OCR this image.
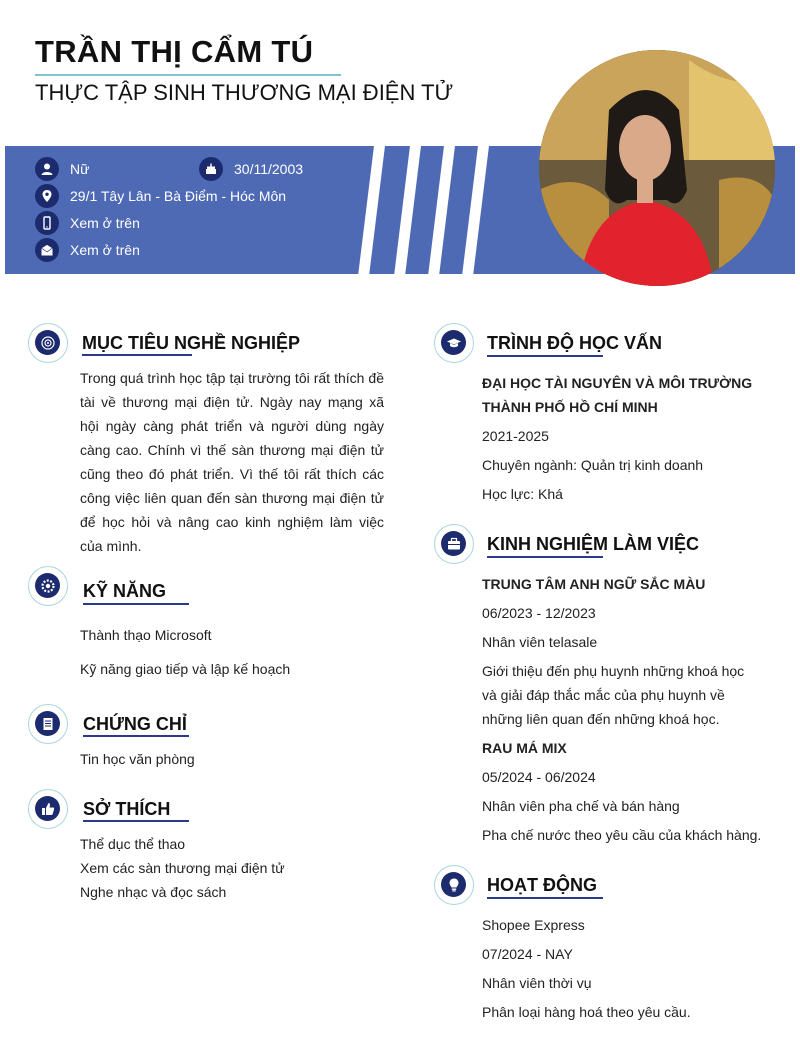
TRẦN THỊ CẨM TÚ
THỰC TẬP SINH THƯƠNG MẠI ĐIỆN TỬ
Nữ	30/11/2003
29/1 Tây Lân - Bà Điểm - Hóc Môn
Xem ở trên
Xem ở trên
MỤC TIÊU NGHỀ NGHIỆP
Trong quá trình học tập tại trường tôi rất thích đề tài về thương mại điện tử. Ngày nay mạng xã hội ngày càng phát triển và người dùng ngày càng cao. Chính vì thế sàn thương mại điện tử cũng theo đó phát triển. Vì thế tôi rất thích các công việc liên quan đến sàn thương mại điện tử để học hỏi và nâng cao kinh nghiệm làm việc của mình.
KỸ NĂNG
Thành thạo Microsoft
Kỹ năng giao tiếp và lập kế hoạch
CHỨNG CHỈ
Tin học văn phòng
SỞ THÍCH
Thể dục thể thao
Xem các sàn thương mại điện tử
Nghe nhạc và đọc sách
TRÌNH ĐỘ HỌC VẤN
ĐẠI HỌC TÀI NGUYÊN VÀ MÔI TRƯỜNG
THÀNH PHỐ HỒ CHÍ MINH
2021-2025
Chuyên ngành: Quản trị kinh doanh
Học lực: Khá
KINH NGHIỆM LÀM VIỆC
TRUNG TÂM ANH NGỮ SẮC MÀU
06/2023 - 12/2023
Nhân viên telasale
Giới thiệu đến phụ huynh những khoá học và giải đáp thắc mắc của phụ huynh về những liên quan đến những khoá học.
RAU MÁ MIX
05/2024 - 06/2024
Nhân viên pha chế và bán hàng
Pha chế nước theo yêu cầu của khách hàng.
HOẠT ĐỘNG
Shopee Express
07/2024 - NAY
Nhân viên thời vụ
Phân loại hàng hoá theo yêu cầu.
